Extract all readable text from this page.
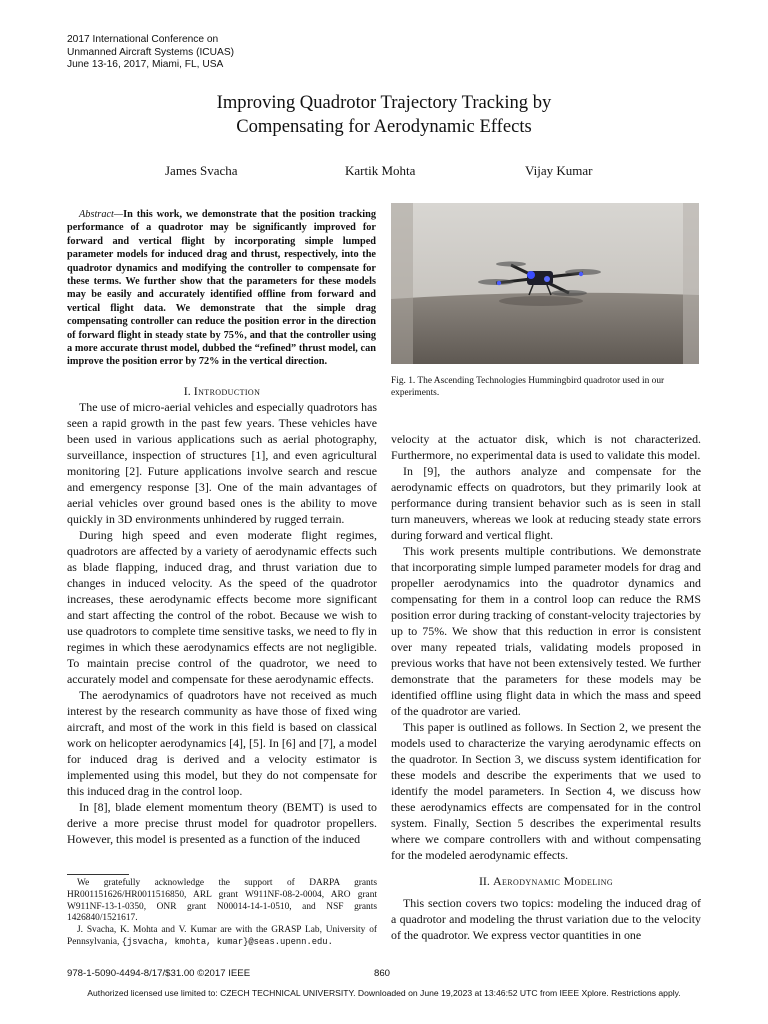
2017 International Conference on
Unmanned Aircraft Systems (ICUAS)
June 13-16, 2017, Miami, FL, USA
Improving Quadrotor Trajectory Tracking by
Compensating for Aerodynamic Effects
James Svacha	Kartik Mohta	Vijay Kumar
Abstract—In this work, we demonstrate that the position tracking performance of a quadrotor may be significantly improved for forward and vertical flight by incorporating simple lumped parameter models for induced drag and thrust, respectively, into the quadrotor dynamics and modifying the controller to compensate for these terms. We further show that the parameters for these models may be easily and accurately identified offline from forward and vertical flight data. We demonstrate that the simple drag compensating controller can reduce the position error in the direction of forward flight in steady state by 75%, and that the controller using a more accurate thrust model, dubbed the “refined” thrust model, can improve the position error by 72% in the vertical direction.
I. Introduction

The use of micro-aerial vehicles and especially quadrotors has seen a rapid growth in the past few years. These vehicles have been used in various applications such as aerial photography, surveillance, inspection of structures [1], and even agricultural monitoring [2]. Future applications involve search and rescue and emergency response [3]. One of the main advantages of aerial vehicles over ground based ones is the ability to move quickly in 3D environments unhindered by rugged terrain.

During high speed and even moderate flight regimes, quadrotors are affected by a variety of aerodynamic effects such as blade flapping, induced drag, and thrust variation due to changes in induced velocity. As the speed of the quadrotor increases, these aerodynamic effects become more significant and start affecting the control of the robot. Because we wish to use quadrotors to complete time sensitive tasks, we need to fly in regimes in which these aerodynamics effects are not negligible. To maintain precise control of the quadrotor, we need to accurately model and compensate for these aerodynamic effects.

The aerodynamics of quadrotors have not received as much interest by the research community as have those of fixed wing aircraft, and most of the work in this field is based on classical work on helicopter aerodynamics [4], [5]. In [6] and [7], a model for induced drag is derived and a velocity estimator is implemented using this model, but they do not compensate for this induced drag in the control loop.

In [8], blade element momentum theory (BEMT) is used to derive a more precise thrust model for quadrotor propellers. However, this model is presented as a function of the induced

Fig. 1. The Ascending Technologies Hummingbird quadrotor used in our experiments.

velocity at the actuator disk, which is not characterized. Furthermore, no experimental data is used to validate this model.

In [9], the authors analyze and compensate for the aerodynamic effects on quadrotors, but they primarily look at performance during transient behavior such as is seen in stall turn maneuvers, whereas we look at reducing steady state errors during forward and vertical flight.

This work presents multiple contributions. We demonstrate that incorporating simple lumped parameter models for drag and propeller aerodynamics into the quadrotor dynamics and compensating for them in a control loop can reduce the RMS position error during tracking of constant-velocity trajectories by up to 75%. We show that this reduction in error is consistent over many repeated trials, validating models proposed in previous works that have not been extensively tested. We further demonstrate that the parameters for these models may be identified offline using flight data in which the mass and speed of the quadrotor are varied.

This paper is outlined as follows. In Section 2, we present the models used to characterize the varying aerodynamic effects on the quadrotor. In Section 3, we discuss system identification for these models and describe the experiments that we used to identify the model parameters. In Section 4, we discuss how these aerodynamics effects are compensated for in the control system. Finally, Section 5 describes the experimental results where we compare controllers with and without compensating for the modeled aerodynamic effects.

II. Aerodynamic Modeling

This section covers two topics: modeling the induced drag of a quadrotor and modeling the thrust variation due to the velocity of the quadrotor. We express vector quantities in one

We gratefully acknowledge the support of DARPA grants HR001151626/HR0011516850, ARL grant W911NF-08-2-0004, ARO grant W911NF-13-1-0350, ONR grant N00014-14-1-0510, and NSF grants 1426840/1521617.

J. Svacha, K. Mohta and V. Kumar are with the GRASP Lab, University of Pennsylvania, {jsvacha, kmohta, kumar}@seas.upenn.edu.

978-1-5090-4494-8/17/$31.00 ©2017 IEEE	860
Authorized licensed use limited to: CZECH TECHNICAL UNIVERSITY. Downloaded on June 19,2023 at 13:46:52 UTC from IEEE Xplore. Restrictions apply.
